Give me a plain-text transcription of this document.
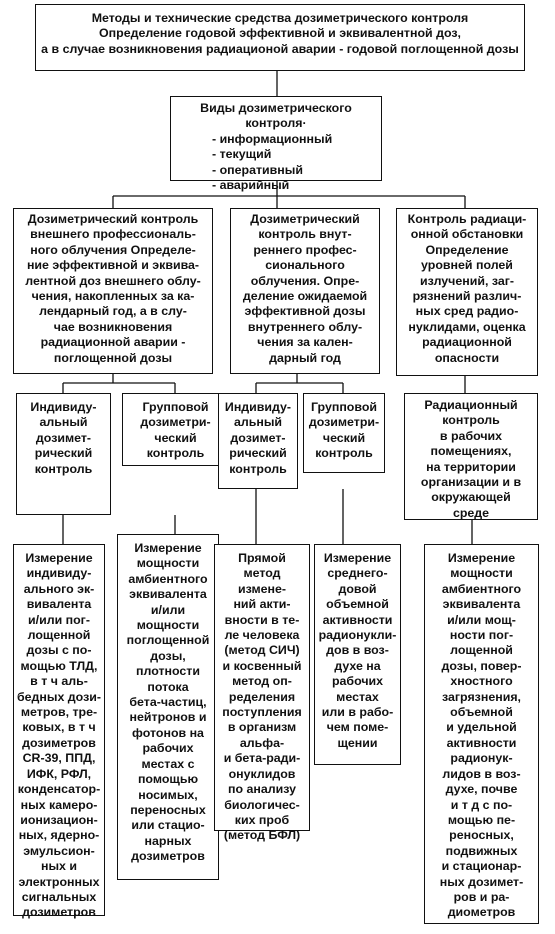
Методы и технические средства дозиметрического контроля
Определение годовой эффективной и эквивалентной доз,
а в случае возникновения радиационой аварии - годовой поглощенной дозы
Виды дозиметрического контроля·
- информационный
- текущий
- оперативный
- аварийный
Дозиметрический контроль
внешнего профессиональ-
ного облучения Определе-
ние эффективной и эквива-
лентной доз внешнего облу-
чения, накопленных за ка-
лендарный год, а в слу-
чае возникновения
радиационной аварии -
поглощенной дозы
Дозиметрический
контроль внут-
реннего профес-
сионального
облучения. Опре-
деление ожидаемой
эффективной дозы
внутреннего облу-
чения за кален-
дарный год
Контроль радиаци-
онной обстановки
Определение
уровней полей
излучений, заг-
рязнений различ-
ных сред радио-
нуклидами, оценка
радиационной
опасности
Индивиду-
альный
дозимет-
рический
контроль
Групповой
дозиметри-
ческий
контроль
Индивиду-
альный
дозимет-
рический
контроль
Групповой
дозиметри-
ческий
контроль
Радиационный
контроль
в рабочих
помещениях,
на территории
организации и в
окружающей
среде
Измерение
индивиду-
ального эк-
вивалента
и/или пог-
лощенной
дозы с по-
мощью ТЛД,
в т ч аль-
бедных дози-
метров, тре-
ковых, в т ч
дозиметров
CR-39, ППД,
ИФК, РФЛ,
конденсатор-
ных камеро-
ионизацион-
ных, ядерно-
эмульсион-
ных и
электронных
сигнальных
дозиметров
Измерение
мощности
амбиентного
эквивалента
и/или мощности
поглощенной
дозы, плотности
потока
бета-частиц,
нейтронов и
фотонов на
рабочих
местах с
помощью
носимых,
переносных
или стацио-
нарных
дозиметров
Прямой
метод измене-
ний акти-
вности в те-
ле человека
(метод СИЧ)
и косвенный
метод оп-
ределения
поступления
в организм
альфа-
и бета-ради-
онуклидов
по анализу
биологичес-
ких проб
(метод БФЛ)
Измерение
среднего-
довой
объемной
активности
радионукли-
дов в воз-
духе на
рабочих
местах
или в рабо-
чем поме-
щении
Измерение
мощности
амбиентного
эквивалента
и/или мощ-
ности пог-
лощенной
дозы, повер-
хностного
загрязнения,
объемной
и удельной
активности
радионук-
лидов в воз-
духе, почве
и т д с по-
мощью пе-
реносных,
подвижных
и стационар-
ных дозимет-
ров и ра-
диометров
